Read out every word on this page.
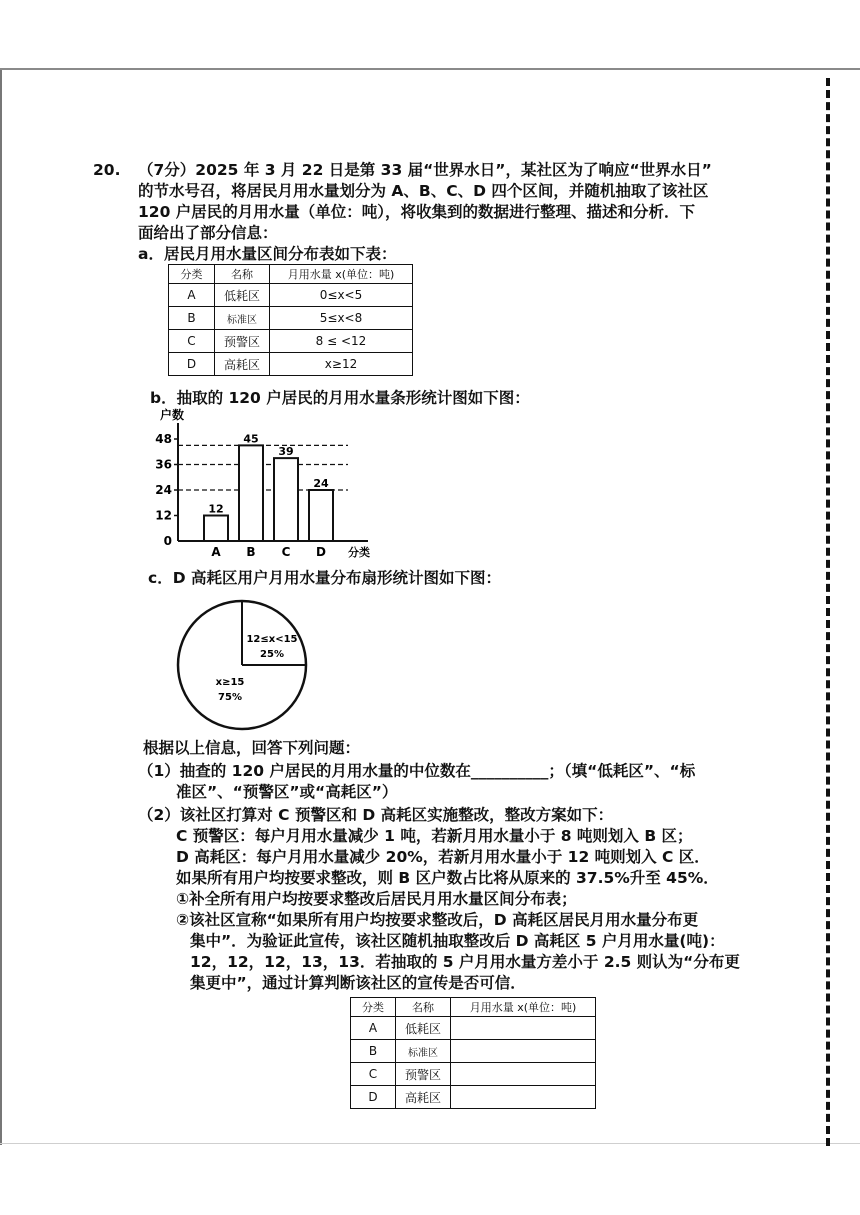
20. （7分）2025 年 3 月 22 日是第 33 届“世界水日”，某社区为了响应“世界水日”
的节水号召，将居民月用水量划分为 A、B、C、D 四个区间，并随机抽取了该社区
120 户居民的月用水量（单位：吨），将收集到的数据进行整理、描述和分析．下
面给出了部分信息：
a．居民月用水量区间分布表如下表：
分类	名称	月用水量 x(单位：吨)
A	低耗区	0≤x<5
B	标准区	5≤x<8
C	预警区	8 ≤ <12
D	高耗区	x≥12
b．抽取的 120 户居民的月用水量条形统计图如下图：
户数
0
12
24
36
48
12
A
45
B
39
C
24
D 分类
c．D 高耗区用户月用水量分布扇形统计图如下图：
12≤x<15
25%
x≥15
75%
根据以上信息，回答下列问题：
（1）抽查的 120 户居民的月用水量的中位数在__________；（填“低耗区”、“标
准区”、“预警区”或“高耗区”）
（2）该社区打算对 C 预警区和 D 高耗区实施整改，整改方案如下：
C 预警区：每户月用水量减少 1 吨，若新月用水量小于 8 吨则划入 B 区；
D 高耗区：每户月用水量减少 20%，若新月用水量小于 12 吨则划入 C 区．
如果所有用户均按要求整改，则 B 区户数占比将从原来的 37.5%升至 45%．
①补全所有用户均按要求整改后居民月用水量区间分布表；
②该社区宣称“如果所有用户均按要求整改后，D 高耗区居民月用水量分布更
集中”．为验证此宣传，该社区随机抽取整改后 D 高耗区 5 户月用水量(吨)：
12，12，12，13，13．若抽取的 5 户月用水量方差小于 2.5 则认为“分布更
集更中”，通过计算判断该社区的宣传是否可信．
分类	名称	月用水量 x(单位：吨)
A	低耗区	
B	标准区	
C	预警区	
D	高耗区	
